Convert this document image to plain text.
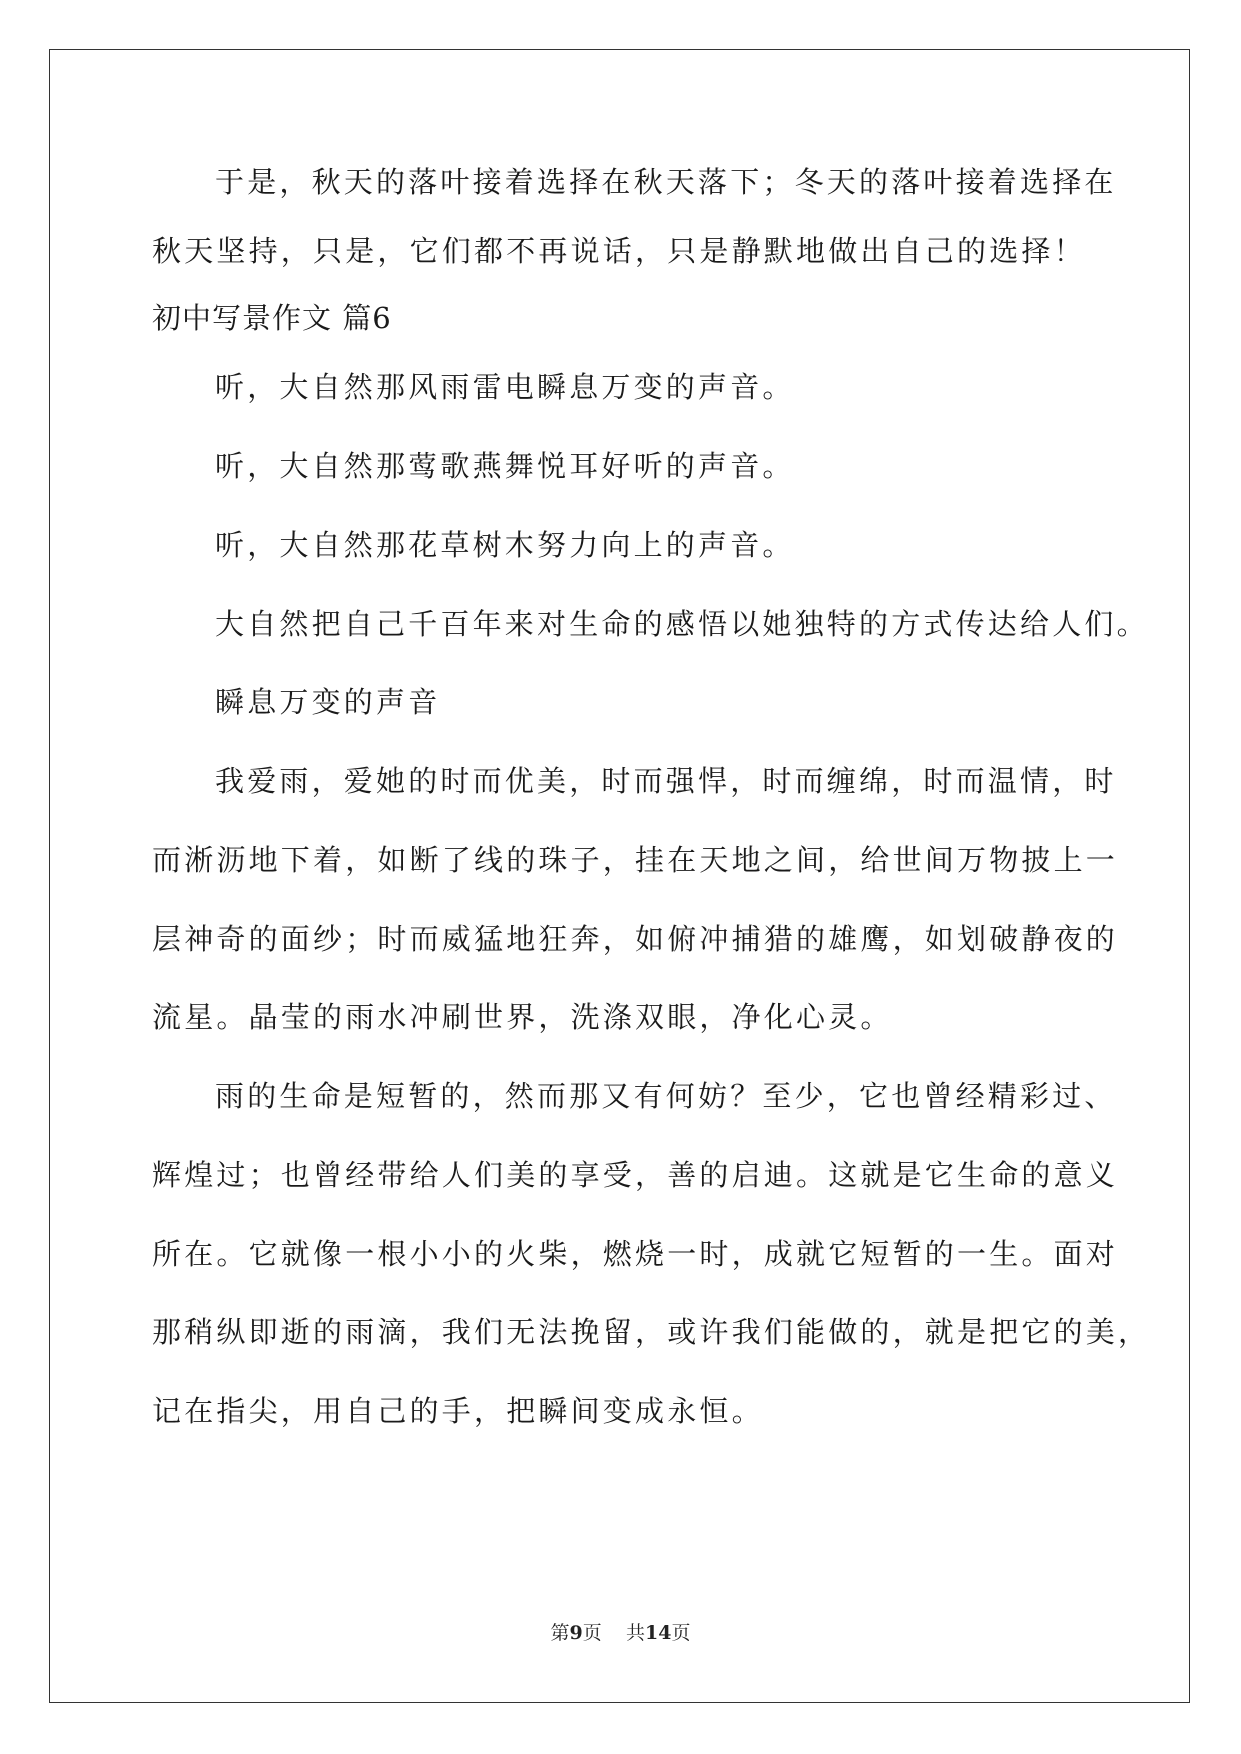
于是，秋天的落叶接着选择在秋天落下；冬天的落叶接着选择在
秋天坚持，只是，它们都不再说话，只是静默地做出自己的选择！
初中写景作文 篇6
听，大自然那风雨雷电瞬息万变的声音。
听，大自然那莺歌燕舞悦耳好听的声音。
听，大自然那花草树木努力向上的声音。
大自然把自己千百年来对生命的感悟以她独特的方式传达给人们。
瞬息万变的声音
我爱雨，爱她的时而优美，时而强悍，时而缠绵，时而温情，时
而淅沥地下着，如断了线的珠子，挂在天地之间，给世间万物披上一
层神奇的面纱；时而威猛地狂奔，如俯冲捕猎的雄鹰，如划破静夜的
流星。晶莹的雨水冲刷世界，洗涤双眼，净化心灵。
雨的生命是短暂的，然而那又有何妨？至少，它也曾经精彩过、
辉煌过；也曾经带给人们美的享受，善的启迪。这就是它生命的意义
所在。它就像一根小小的火柴，燃烧一时，成就它短暂的一生。面对
那稍纵即逝的雨滴，我们无法挽留，或许我们能做的，就是把它的美，
记在指尖，用自己的手，把瞬间变成永恒。
第9页 共14页
